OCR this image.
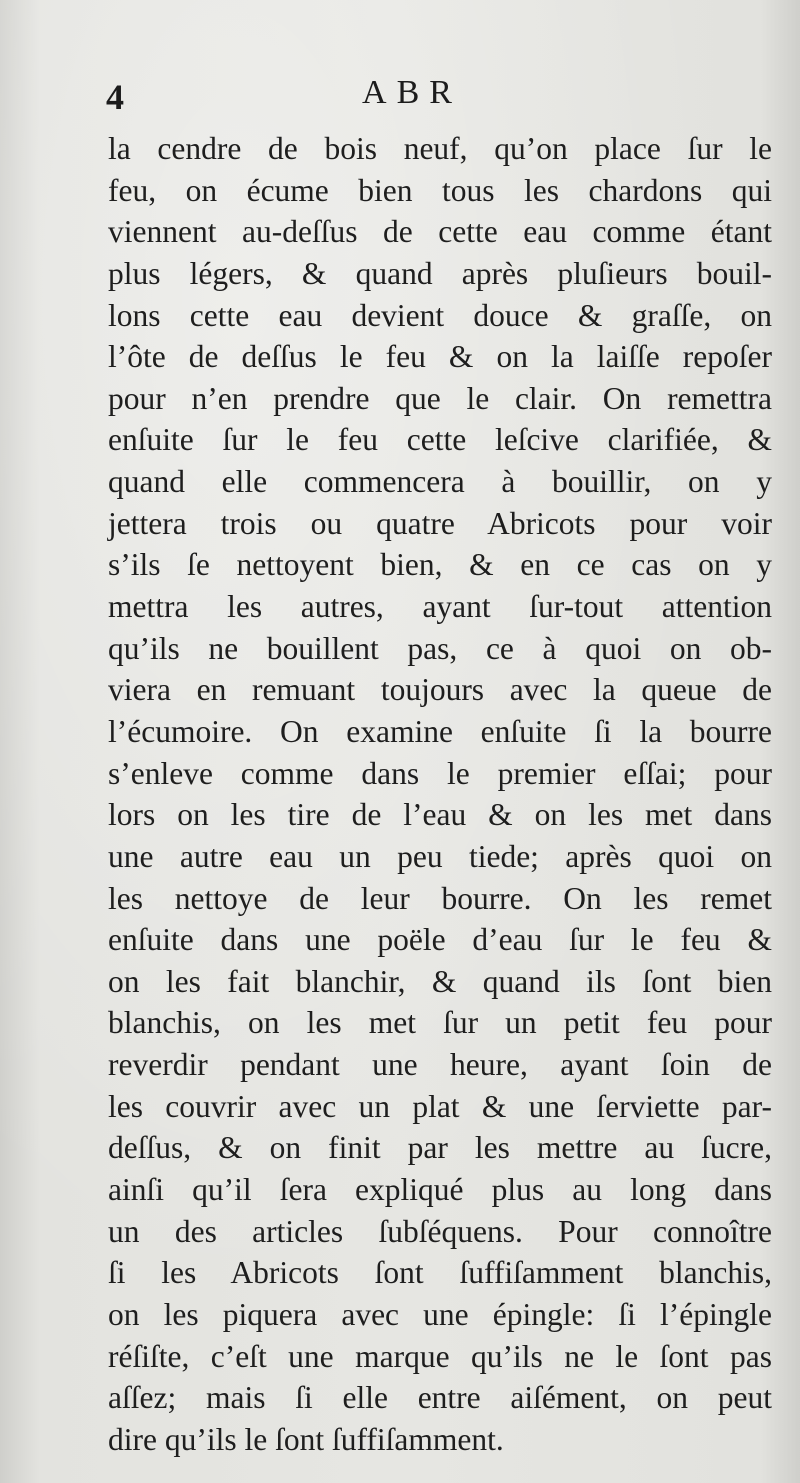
4	ABR
la cendre de bois neuf, qu’on place ſur le
feu, on écume bien tous les chardons qui
viennent au-deſſus de cette eau comme étant
plus légers, & quand après pluſieurs bouil-
lons cette eau devient douce & graſſe, on
l’ôte de deſſus le feu & on la laiſſe repoſer
pour n’en prendre que le clair. On remettra
enſuite ſur le feu cette leſcive clarifiée, &
quand elle commencera à bouillir, on y
jettera trois ou quatre Abricots pour voir
s’ils ſe nettoyent bien, & en ce cas on y
mettra les autres, ayant ſur-tout attention
qu’ils ne bouillent pas, ce à quoi on ob-
viera en remuant toujours avec la queue de
l’écumoire. On examine enſuite ſi la bourre
s’enleve comme dans le premier eſſai; pour
lors on les tire de l’eau & on les met dans
une autre eau un peu tiede; après quoi on
les nettoye de leur bourre. On les remet
enſuite dans une poële d’eau ſur le feu &
on les fait blanchir, & quand ils ſont bien
blanchis, on les met ſur un petit feu pour
reverdir pendant une heure, ayant ſoin de
les couvrir avec un plat & une ſerviette par-
deſſus, & on finit par les mettre au ſucre,
ainſi qu’il ſera expliqué plus au long dans
un des articles ſubſéquens. Pour connoître
ſi les Abricots ſont ſuffiſamment blanchis,
on les piquera avec une épingle: ſi l’épingle
réſiſte, c’eſt une marque qu’ils ne le ſont pas
aſſez; mais ſi elle entre aiſément, on peut
dire qu’ils le ſont ſuffiſamment.
